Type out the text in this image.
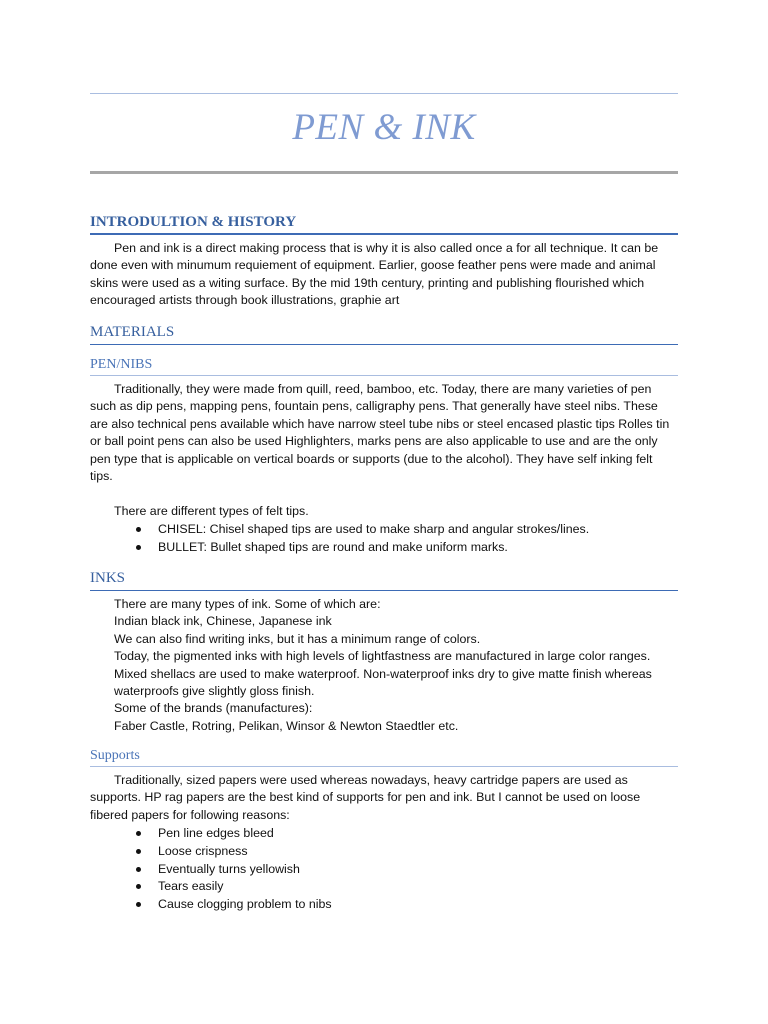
PEN & INK
INTRODULTION & HISTORY

Pen and ink is a direct making process that is why it is also called once a for all technique. It can be done even with minumum requiement of equipment. Earlier, goose feather pens were made and animal skins were used as a witing surface. By the mid 19th century, printing and publishing flourished which encouraged artists through book illustrations, graphie art

MATERIALS
PEN/NIBS

Traditionally, they were made from quill, reed, bamboo, etc. Today, there are many varieties of pen such as dip pens, mapping pens, fountain pens, calligraphy pens. That generally have steel nibs. These are also technical pens available which have narrow steel tube nibs or steel encased plastic tips Rolles tin or ball point pens can also be used Highlighters, marks pens are also applicable to use and are the only pen type that is applicable on vertical boards or supports (due to the alcohol). They have self inking felt tips.

There are different types of felt tips.

CHISEL: Chisel shaped tips are used to make sharp and angular strokes/lines.
BULLET: Bullet shaped tips are round and make uniform marks.
INKS
There are many types of ink. Some of which are:
Indian black ink, Chinese, Japanese ink
We can also find writing inks, but it has a minimum range of colors.
Today, the pigmented inks with high levels of lightfastness are manufactured in large color ranges.
Mixed shellacs are used to make waterproof. Non-waterproof inks dry to give matte finish whereas waterproofs give slightly gloss finish.
Some of the brands (manufactures):
Faber Castle, Rotring, Pelikan, Winsor & Newton Staedtler etc.
Supports

Traditionally, sized papers were used whereas nowadays, heavy cartridge papers are used as supports. HP rag papers are the best kind of supports for pen and ink. But I cannot be used on loose fibered papers for following reasons:

Pen line edges bleed
Loose crispness
Eventually turns yellowish
Tears easily
Cause clogging problem to nibs
